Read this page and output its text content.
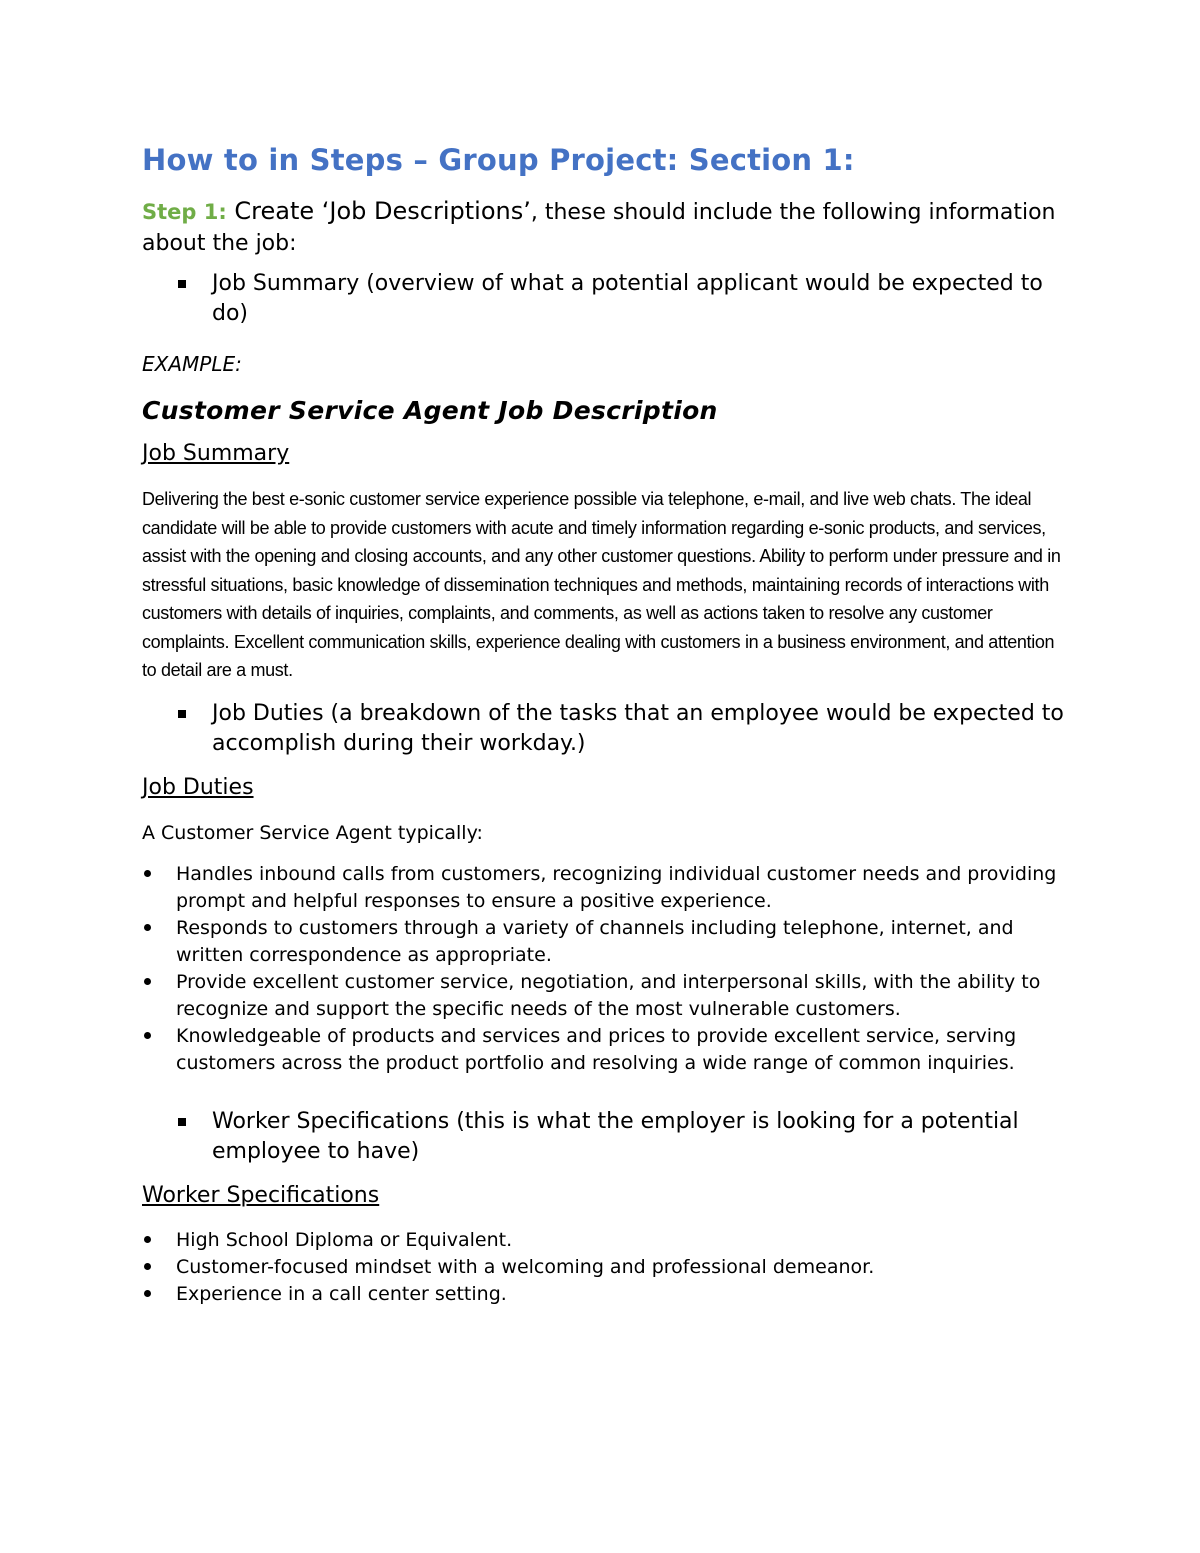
How to in Steps – Group Project: Section 1:

Step 1: Create ‘Job Descriptions’, these should include the following information about the job:

Job Summary (overview of what a potential applicant would be expected to do)

EXAMPLE:

Customer Service Agent Job Description

Job Summary

Delivering the best e-sonic customer service experience possible via telephone, e-mail, and live web chats. The ideal candidate will be able to provide customers with acute and timely information regarding e-sonic products, and services, assist with the opening and closing accounts, and any other customer questions. Ability to perform under pressure and in stressful situations, basic knowledge of dissemination techniques and methods, maintaining records of interactions with customers with details of inquiries, complaints, and comments, as well as actions taken to resolve any customer complaints. Excellent communication skills, experience dealing with customers in a business environment, and attention to detail are a must.

Job Duties (a breakdown of the tasks that an employee would be expected to accomplish during their workday.)

Job Duties

A Customer Service Agent typically:

Handles inbound calls from customers, recognizing individual customer needs and providing prompt and helpful responses to ensure a positive experience.
Responds to customers through a variety of channels including telephone, internet, and written correspondence as appropriate.
Provide excellent customer service, negotiation, and interpersonal skills, with the ability to recognize and support the specific needs of the most vulnerable customers.
Knowledgeable of products and services and prices to provide excellent service, serving customers across the product portfolio and resolving a wide range of common inquiries.
Worker Specifications (this is what the employer is looking for a potential employee to have)

Worker Specifications

High School Diploma or Equivalent.
Customer-focused mindset with a welcoming and professional demeanor.
Experience in a call center setting.
